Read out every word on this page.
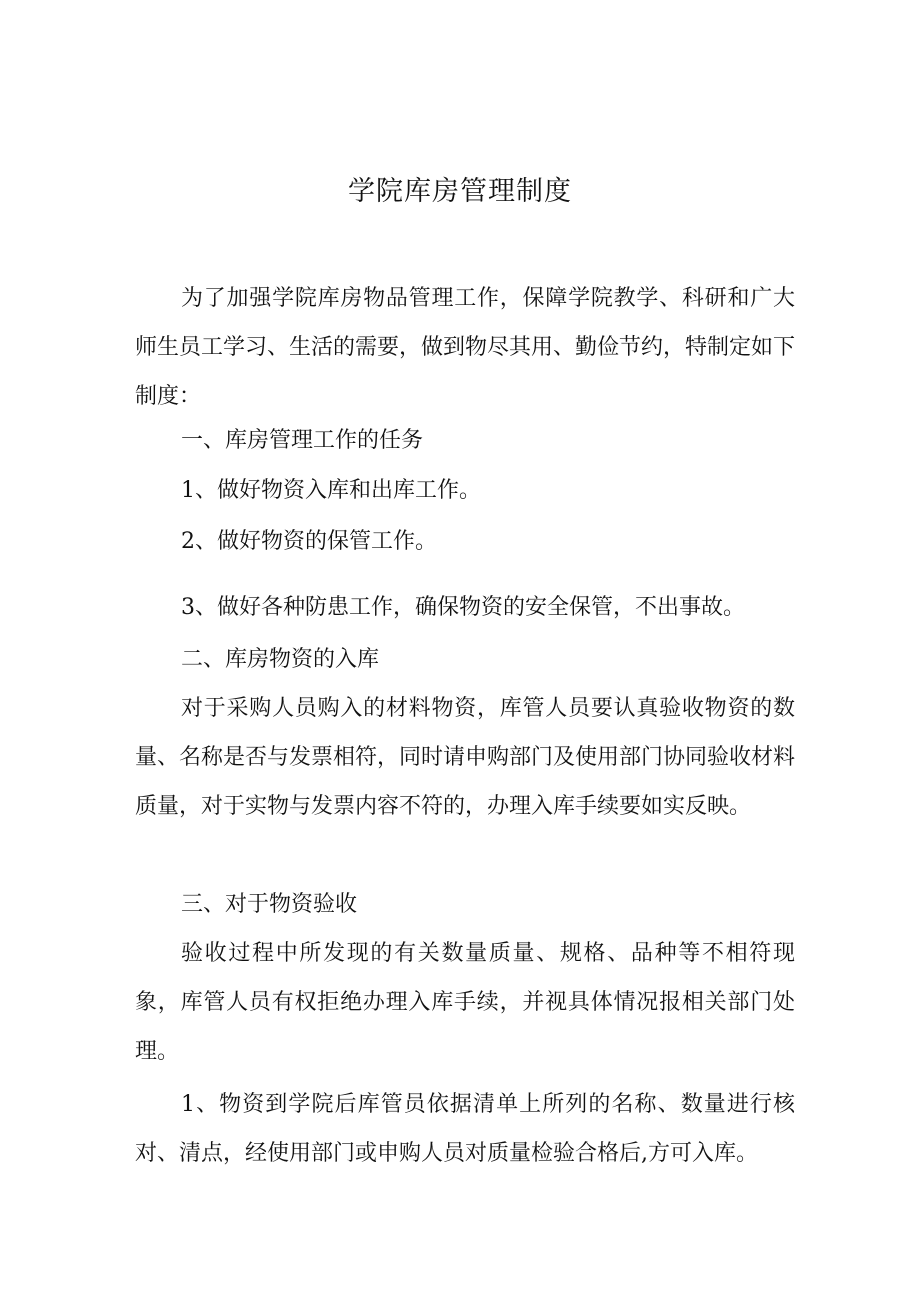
学院库房管理制度

为了加强学院库房物品管理工作，保障学院教学、科研和广大师生员工学习、生活的需要，做到物尽其用、勤俭节约，特制定如下制度：

一、库房管理工作的任务

1、做好物资入库和出库工作。

2、做好物资的保管工作。

3、做好各种防患工作，确保物资的安全保管，不出事故。

二、库房物资的入库

对于采购人员购入的材料物资，库管人员要认真验收物资的数量、名称是否与发票相符，同时请申购部门及使用部门协同验收材料质量，对于实物与发票内容不符的，办理入库手续要如实反映。

三、对于物资验收

验收过程中所发现的有关数量质量、规格、品种等不相符现象，库管人员有权拒绝办理入库手续，并视具体情况报相关部门处理。

1、物资到学院后库管员依据清单上所列的名称、数量进行核对、清点，经使用部门或申购人员对质量检验合格后,方可入库。
